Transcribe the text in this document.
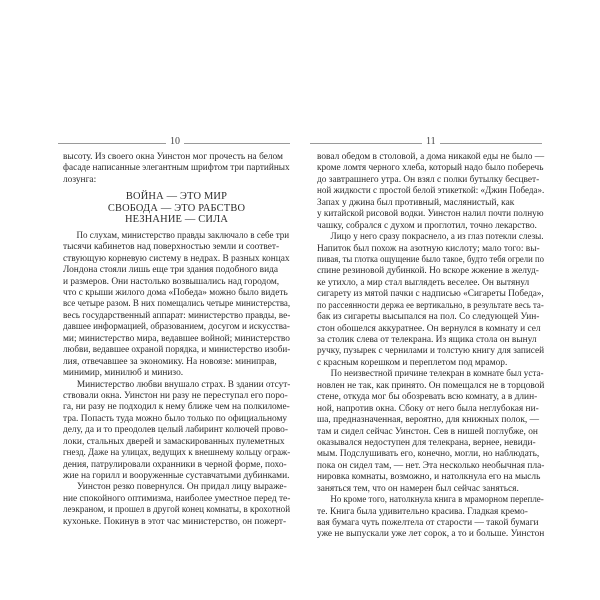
10
высоту. Из своего окна Уинстон мог прочесть на белом
фасаде написанные элегантным шрифтом три партийных
лозунга:
ВОЙНА — ЭТО МИР
СВОБОДА — ЭТО РАБСТВО
НЕЗНАНИЕ — СИЛА
По слухам, министерство правды заключало в себе три
тысячи кабинетов над поверхностью земли и соответ-
ствующую корневую систему в недрах. В разных концах
Лондона стояли лишь еще три здания подобного вида
и размеров. Они настолько возвышались над городом,
что с крыши жилого дома «Победа» можно было видеть
все четыре разом. В них помещались четыре министерства,
весь государственный аппарат: министерство правды, ве-
давшее информацией, образованием, досугом и искусства-
ми; министерство мира, ведавшее войной; министерство
любви, ведавшее охраной порядка, и министерство изоби-
лия, отвечавшее за экономику. На новоязе: миниправ,
минимир, минилюб и минизо.
Министерство любви внушало страх. В здании отсут-
ствовали окна. Уинстон ни разу не переступал его поро-
га, ни разу не подходил к нему ближе чем на полкиломе-
тра. Попасть туда можно было только по официальному
делу, да и то преодолев целый лабиринт колючей прово-
локи, стальных дверей и замаскированных пулеметных
гнезд. Даже на улицах, ведущих к внешнему кольцу ограж-
дения, патрулировали охранники в черной форме, похо-
жие на горилл и вооруженные суставчатыми дубинками.
Уинстон резко повернулся. Он придал лицу выраже-
ние спокойного оптимизма, наиболее уместное перед те-
леэкраном, и прошел в другой конец комнаты, в крохотной
кухоньке. Покинув в этот час министерство, он пожерт-
11
вовал обедом в столовой, а дома никакой еды не было —
кроме ломтя черного хлеба, который надо было поберечь
до завтрашнего утра. Он взял с полки бутылку бесцвет-
ной жидкости с простой белой этикеткой: «Джин Победа».
Запах у джина был противный, маслянистый, как
у китайской рисовой водки. Уинстон налил почти полную
чашку, собрался с духом и проглотил, точно лекарство.
Лицо у него сразу покраснело, а из глаз потекли слезы.
Напиток был похож на азотную кислоту; мало того: вы-
пивая, ты глотка ощущение было такое, будто тебя огрели по
спине резиновой дубинкой. Но вскоре жжение в желуд-
ке утихло, а мир стал выглядеть веселее. Он вытянул
сигарету из мятой пачки с надписью «Сигареты Победа»,
по рассеянности держа ее вертикально, в результате весь та-
бак из сигареты высыпался на пол. Со следующей Уин-
стон обошелся аккуратнее. Он вернулся в комнату и сел
за столик слева от телекрана. Из ящика стола он вынул
ручку, пузырек с чернилами и толстую книгу для записей
с красным корешком и переплетом под мрамор.
По неизвестной причине телекран в комнате был уста-
новлен не так, как принято. Он помещался не в торцовой
стене, откуда мог бы обозревать всю комнату, а в длин-
ной, напротив окна. Сбоку от него была неглубокая ни-
ша, предназначенная, вероятно, для книжных полок, —
там и сидел сейчас Уинстон. Сев в нишей поглубже, он
оказывался недоступен для телекрана, вернее, невиди-
мым. Подслушивать его, конечно, могли, но наблюдать,
пока он сидел там, — нет. Эта несколько необычная пла-
нировка комнаты, возможно, и натолкнула его на мысль
заняться тем, что он намерен был сейчас заняться.
Но кроме того, натолкнула книга в мраморном перепле-
те. Книга была удивительно красива. Гладкая кремо-
вая бумага чуть пожелтела от старости — такой бумаги
уже не выпускали уже лет сорок, а то и больше. Уинстон
